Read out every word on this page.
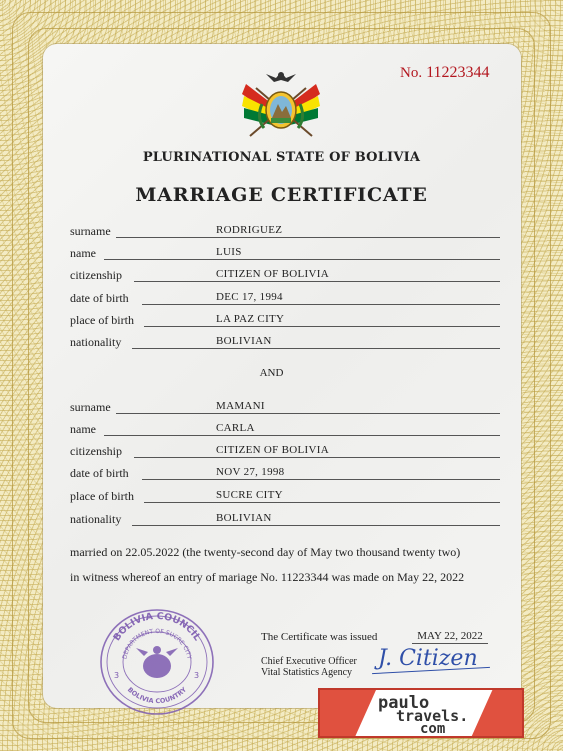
No. 11223344
PLURINATIONAL STATE OF BOLIVIA
MARRIAGE CERTIFICATE
surname	RODRIGUEZ
name	LUIS
citizenship	CITIZEN OF BOLIVIA
date of birth	DEC 17, 1994
place of birth	LA PAZ CITY
nationality	BOLIVIAN
AND
surname	MAMANI
name	CARLA
citizenship	CITIZEN OF BOLIVIA
date of birth	NOV 27, 1998
place of birth	SUCRE CITY
nationality	BOLIVIAN
married on 22.05.2022 (the twenty-second day of May two thousand twenty two)
in witness whereof an entry of mariage No. 11223344 was made on May 22, 2022
BOLIVIA COUNCIL
DEPARTMENT OF SUCRE CITY
BOLIVIA COUNTRY
3	3
The Certificate was issued	MAY 22, 2022
Chief Executive Officer
Vital Statistics Agency
J. Citizen
paulo
travels.
com
